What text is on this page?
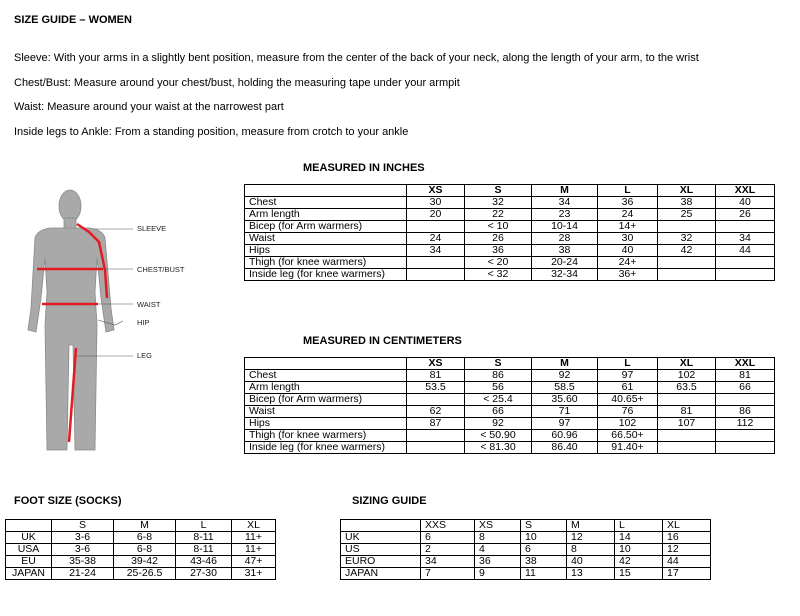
SIZE GUIDE – WOMEN
Sleeve: With your arms in a slightly bent position, measure from the center of the back of your neck, along the length of your arm, to the wrist
Chest/Bust: Measure around your chest/bust, holding the measuring tape under your armpit
Waist: Measure around your waist at the narrowest part
Inside legs to Ankle: From a standing position, measure from crotch to your ankle
SLEEVE
CHEST/BUST
WAIST
HIP
LEG
MEASURED IN INCHES
	XS	S	M	L	XL	XXL
Chest	30	32	34	36	38	40
Arm length	20	22	23	24	25	26
Bicep (for Arm warmers)		< 10	10-14	14+		
Waist	24	26	28	30	32	34
Hips	34	36	38	40	42	44
Thigh (for knee warmers)		< 20	20-24	24+		
Inside leg (for knee warmers)		< 32	32-34	36+		
MEASURED IN CENTIMETERS
	XS	S	M	L	XL	XXL
Chest	81	86	92	97	102	81
Arm length	53.5	56	58.5	61	63.5	66
Bicep (for Arm warmers)		< 25.4	35.60	40.65+		
Waist	62	66	71	76	81	86
Hips	87	92	97	102	107	112
Thigh (for knee warmers)		< 50.90	60.96	66.50+		
Inside leg (for knee warmers)		< 81.30	86.40	91.40+		
FOOT SIZE (SOCKS)
	S	M	L	XL
UK	3-6	6-8	8-11	11+
USA	3-6	6-8	8-11	11+
EU	35-38	39-42	43-46	47+
JAPAN	21-24	25-26.5	27-30	31+
SIZING GUIDE
	XXS	XS	S	M	L	XL
UK	6	8	10	12	14	16
US	2	4	6	8	10	12
EURO	34	36	38	40	42	44
JAPAN	7	9	11	13	15	17
